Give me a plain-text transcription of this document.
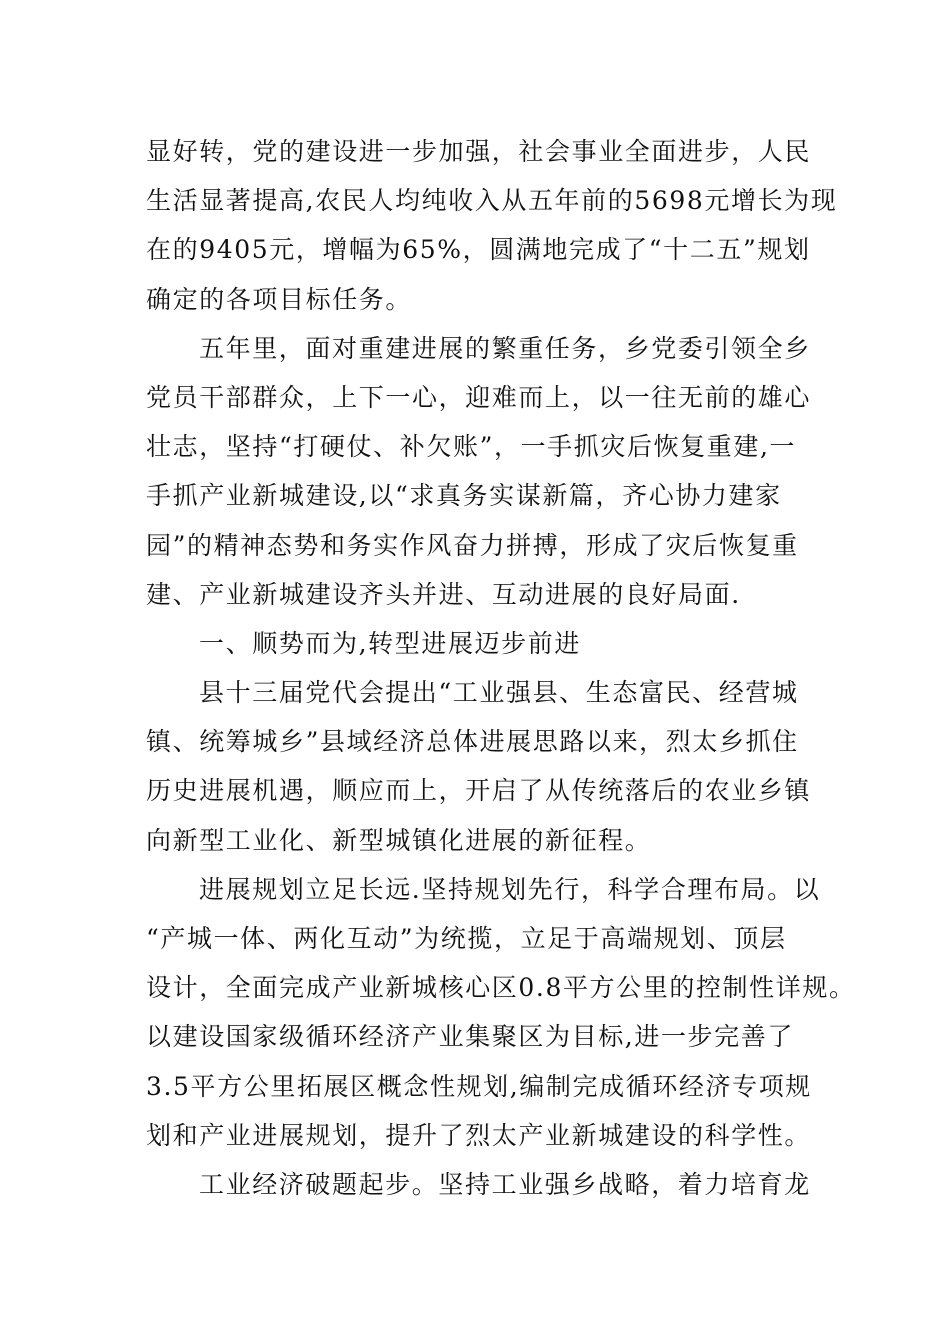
显好转，党的建设进一步加强，社会事业全面进步，人民
生活显著提高,农民人均纯收入从五年前的5698元增长为现
在的9405元，增幅为65%，圆满地完成了“十二五”规划
确定的各项目标任务。
五年里，面对重建进展的繁重任务，乡党委引领全乡
党员干部群众，上下一心，迎难而上，以一往无前的雄心
壮志，坚持“打硬仗、补欠账”，一手抓灾后恢复重建,一
手抓产业新城建设,以“求真务实谋新篇，齐心协力建家
园”的精神态势和务实作风奋力拼搏，形成了灾后恢复重
建、产业新城建设齐头并进、互动进展的良好局面.
一、顺势而为,转型进展迈步前进
县十三届党代会提出“工业强县、生态富民、经营城
镇、统筹城乡”县域经济总体进展思路以来，烈太乡抓住
历史进展机遇，顺应而上，开启了从传统落后的农业乡镇
向新型工业化、新型城镇化进展的新征程。
进展规划立足长远.坚持规划先行，科学合理布局。以
“产城一体、两化互动”为统揽，立足于高端规划、顶层
设计，全面完成产业新城核心区0.8平方公里的控制性详规。
以建设国家级循环经济产业集聚区为目标,进一步完善了
3.5平方公里拓展区概念性规划,编制完成循环经济专项规
划和产业进展规划，提升了烈太产业新城建设的科学性。
工业经济破题起步。坚持工业强乡战略，着力培育龙
